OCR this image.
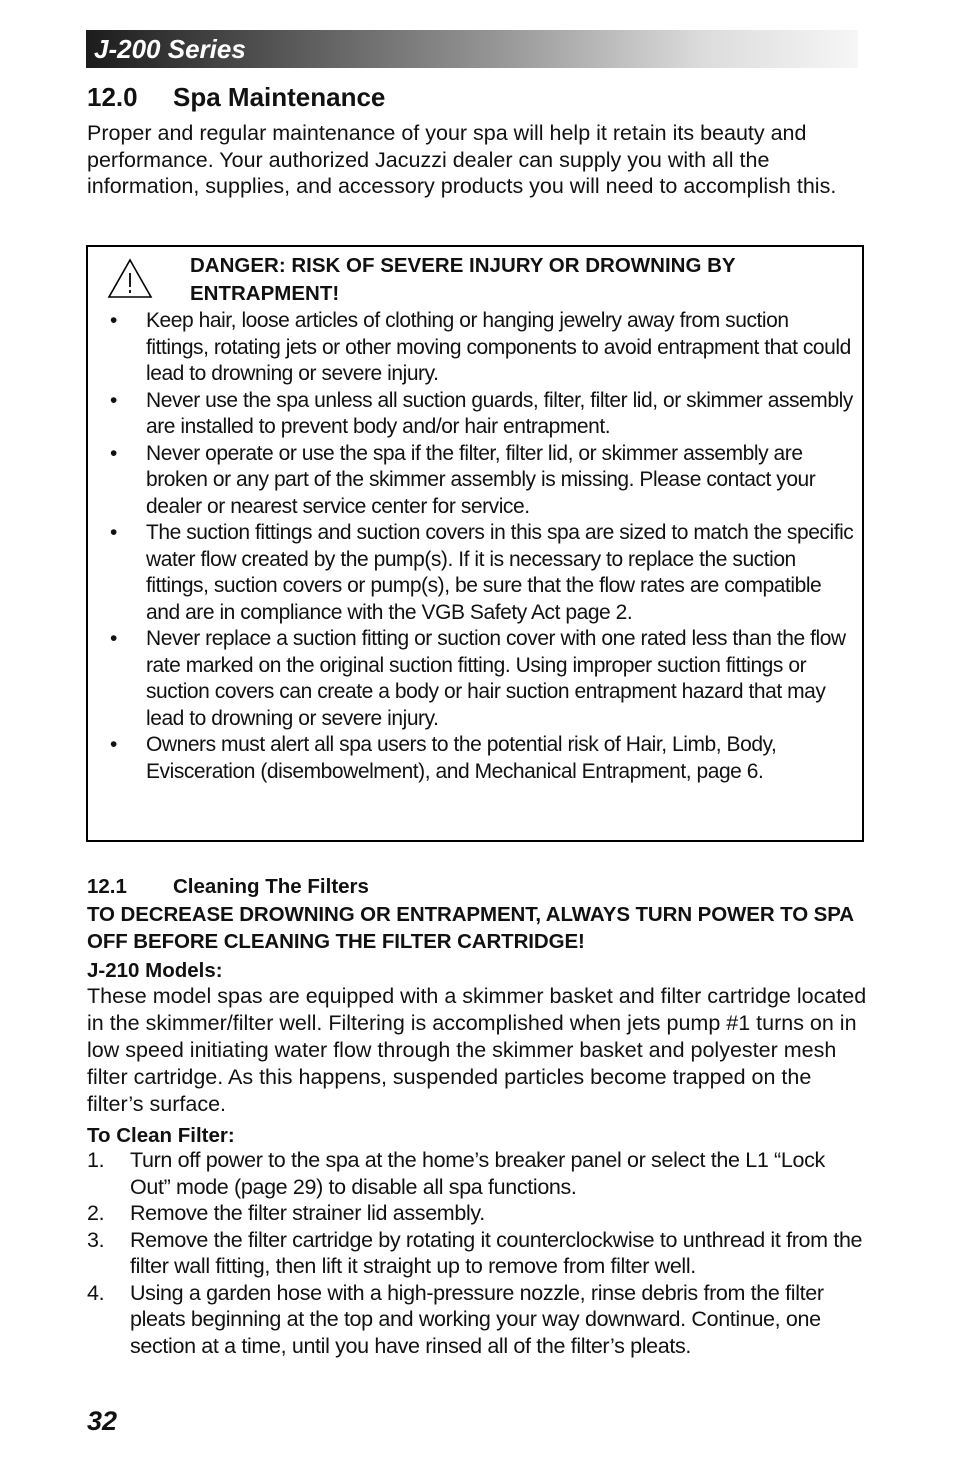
J-200 Series
12.0 Spa Maintenance
Proper and regular maintenance of your spa will help it retain its beauty and performance. Your authorized Jacuzzi dealer can supply you with all the information, supplies, and accessory products you will need to accomplish this.
DANGER: RISK OF SEVERE INJURY OR DROWNING BY ENTRAPMENT!
• Keep hair, loose articles of clothing or hanging jewelry away from suction fittings, rotating jets or other moving components to avoid entrapment that could lead to drowning or severe injury.
• Never use the spa unless all suction guards, filter, filter lid, or skimmer assembly are installed to prevent body and/or hair entrapment.
• Never operate or use the spa if the filter, filter lid, or skimmer assembly are broken or any part of the skimmer assembly is missing. Please contact your dealer or nearest service center for service.
• The suction fittings and suction covers in this spa are sized to match the specific water flow created by the pump(s). If it is necessary to replace the suction fittings, suction covers or pump(s), be sure that the flow rates are compatible and are in compliance with the VGB Safety Act page 2.
• Never replace a suction fitting or suction cover with one rated less than the flow rate marked on the original suction fitting. Using improper suction fittings or suction covers can create a body or hair suction entrapment hazard that may lead to drowning or severe injury.
• Owners must alert all spa users to the potential risk of Hair, Limb, Body, Evisceration (disembowelment), and Mechanical Entrapment, page 6.
12.1 Cleaning The Filters
TO DECREASE DROWNING OR ENTRAPMENT, ALWAYS TURN POWER TO SPA OFF BEFORE CLEANING THE FILTER CARTRIDGE!
J-210 Models:
These model spas are equipped with a skimmer basket and filter cartridge located in the skimmer/filter well. Filtering is accomplished when jets pump #1 turns on in low speed initiating water flow through the skimmer basket and polyester mesh filter cartridge. As this happens, suspended particles become trapped on the filter’s surface.
To Clean Filter:
1. Turn off power to the spa at the home’s breaker panel or select the L1 “Lock Out” mode (page 29) to disable all spa functions.
2. Remove the filter strainer lid assembly.
3. Remove the filter cartridge by rotating it counterclockwise to unthread it from the filter wall fitting, then lift it straight up to remove from filter well.
4. Using a garden hose with a high-pressure nozzle, rinse debris from the filter pleats beginning at the top and working your way downward. Continue, one section at a time, until you have rinsed all of the filter’s pleats.
32
